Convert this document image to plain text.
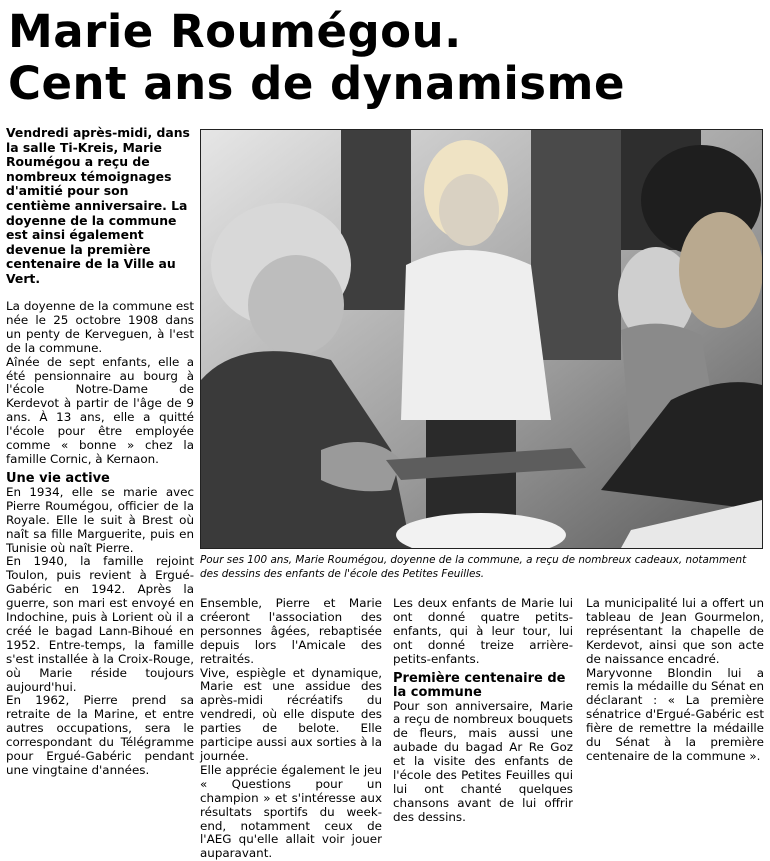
Marie Roumégou.
Cent ans de dynamisme

Vendredi après-midi, dans la salle Ti-Kreis, Marie Roumégou a reçu de nombreux témoignages d'amitié pour son centième anniversaire. La doyenne de la commune est ainsi également devenue la première centenaire de la Ville au Vert.

Pour ses 100 ans, Marie Roumégou, doyenne de la commune, a reçu de nombreux cadeaux, notamment des dessins des enfants de l'école des Petites Feuilles.

La doyenne de la commune est née le 25 octobre 1908 dans un penty de Kerveguen, à l'est de la commune.

Aînée de sept enfants, elle a été pensionnaire au bourg à l'école Notre-Dame de Kerdevot à partir de l'âge de 9 ans. À 13 ans, elle a quitté l'école pour être employée comme « bonne » chez la famille Cornic, à Kernaon.

Une vie active

En 1934, elle se marie avec Pierre Roumégou, officier de la Royale. Elle le suit à Brest où naît sa fille Marguerite, puis en Tunisie où naît Pierre.

En 1940, la famille rejoint Toulon, puis revient à Ergué-Gabéric en 1942. Après la guerre, son mari est envoyé en Indochine, puis à Lorient où il a créé le bagad Lann-Bihoué en 1952. Entre-temps, la famille s'est installée à la Croix-Rouge, où Marie réside toujours aujourd'hui.

En 1962, Pierre prend sa retraite de la Marine, et entre autres occupations, sera le correspondant du Télégramme pour Ergué-Gabéric pendant une vingtaine d'années.

Ensemble, Pierre et Marie créeront l'association des personnes âgées, rebaptisée depuis lors l'Amicale des retraités.

Vive, espiègle et dynamique, Marie est une assidue des après-midi récréatifs du vendredi, où elle dispute des parties de belote. Elle participe aussi aux sorties à la journée.

Elle apprécie également le jeu « Questions pour un champion » et s'intéresse aux résultats sportifs du week-end, notamment ceux de l'AEG qu'elle allait voir jouer auparavant.

Les deux enfants de Marie lui ont donné quatre petits-enfants, qui à leur tour, lui ont donné treize arrière-petits-enfants.

Première centenaire de la commune

Pour son anniversaire, Marie a reçu de nombreux bouquets de fleurs, mais aussi une aubade du bagad Ar Re Goz et la visite des enfants de l'école des Petites Feuilles qui lui ont chanté quelques chansons avant de lui offrir des dessins.

La municipalité lui a offert un tableau de Jean Gourmelon, représentant la chapelle de Kerdevot, ainsi que son acte de naissance encadré.

Maryvonne Blondin lui a remis la médaille du Sénat en déclarant : « La première sénatrice d'Ergué-Gabéric est fière de remettre la médaille du Sénat à la première centenaire de la commune ».
